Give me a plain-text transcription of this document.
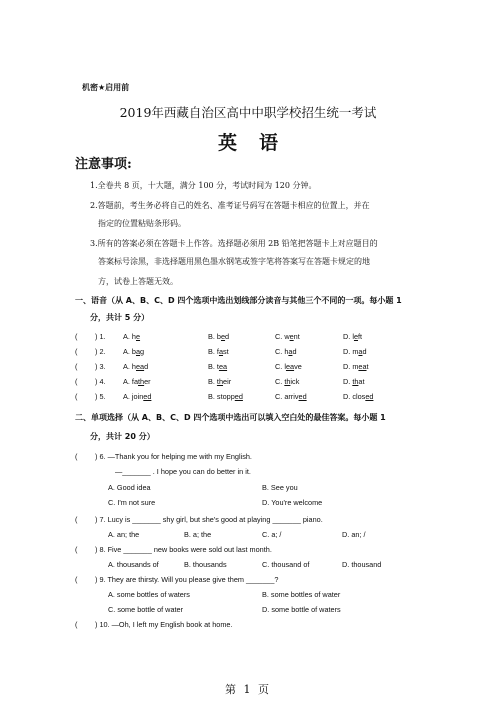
机密★启用前
2019年西藏自治区高中中职学校招生统一考试
英语
注意事项:
1.全卷共 8 页，十大题，满分 100 分，考试时间为 120 分钟。
2.答题前，考生务必将自己的姓名、准考证号码写在答题卡相应的位置上，并在
指定的位置粘贴条形码。
3.所有的答案必须在答题卡上作答。选择题必须用 2B 铅笔把答题卡上对应题目的
答案标号涂黑，非选择题用黑色墨水钢笔或签字笔将答案写在答题卡规定的地
方，试卷上答题无效。
一、语音（从 A、B、C、D 四个选项中选出划线部分读音与其他三个不同的一项。每小题 1
分，共计 5 分）
( ) 1. A. he	B. bed	C. went	D. left
( ) 2. A. bag	B. fast	C. had	D. mad
( ) 3. A. head	B. tea	C. leave	D. meat
( ) 4. A. father	B. their	C. thick	D. that
( ) 5. A. joined	B. stopped	C. arrived	D. closed
二、单项选择（从 A、B、C、D 四个选项中选出可以填入空白处的最佳答案。每小题 1
分，共计 20 分）
( ) 6. —Thank you for helping me with my English.
—_______ . I hope you can do better in it.
A. Good idea	B. See you
C. I'm not sure	D. You're welcome
( ) 7. Lucy is _______ shy girl, but she's good at playing _______ piano.
A. an; the	B. a; the	C. a; /	D. an; /
( ) 8. Five _______ new books were sold out last month.
A. thousands of	B. thousands	C. thousand of	D. thousand
( ) 9. They are thirsty. Will you please give them _______?
A. some bottles of waters	B. some bottles of water
C. some bottle of water	D. some bottle of waters
( ) 10. —Oh, I left my English book at home.
第 1 页
